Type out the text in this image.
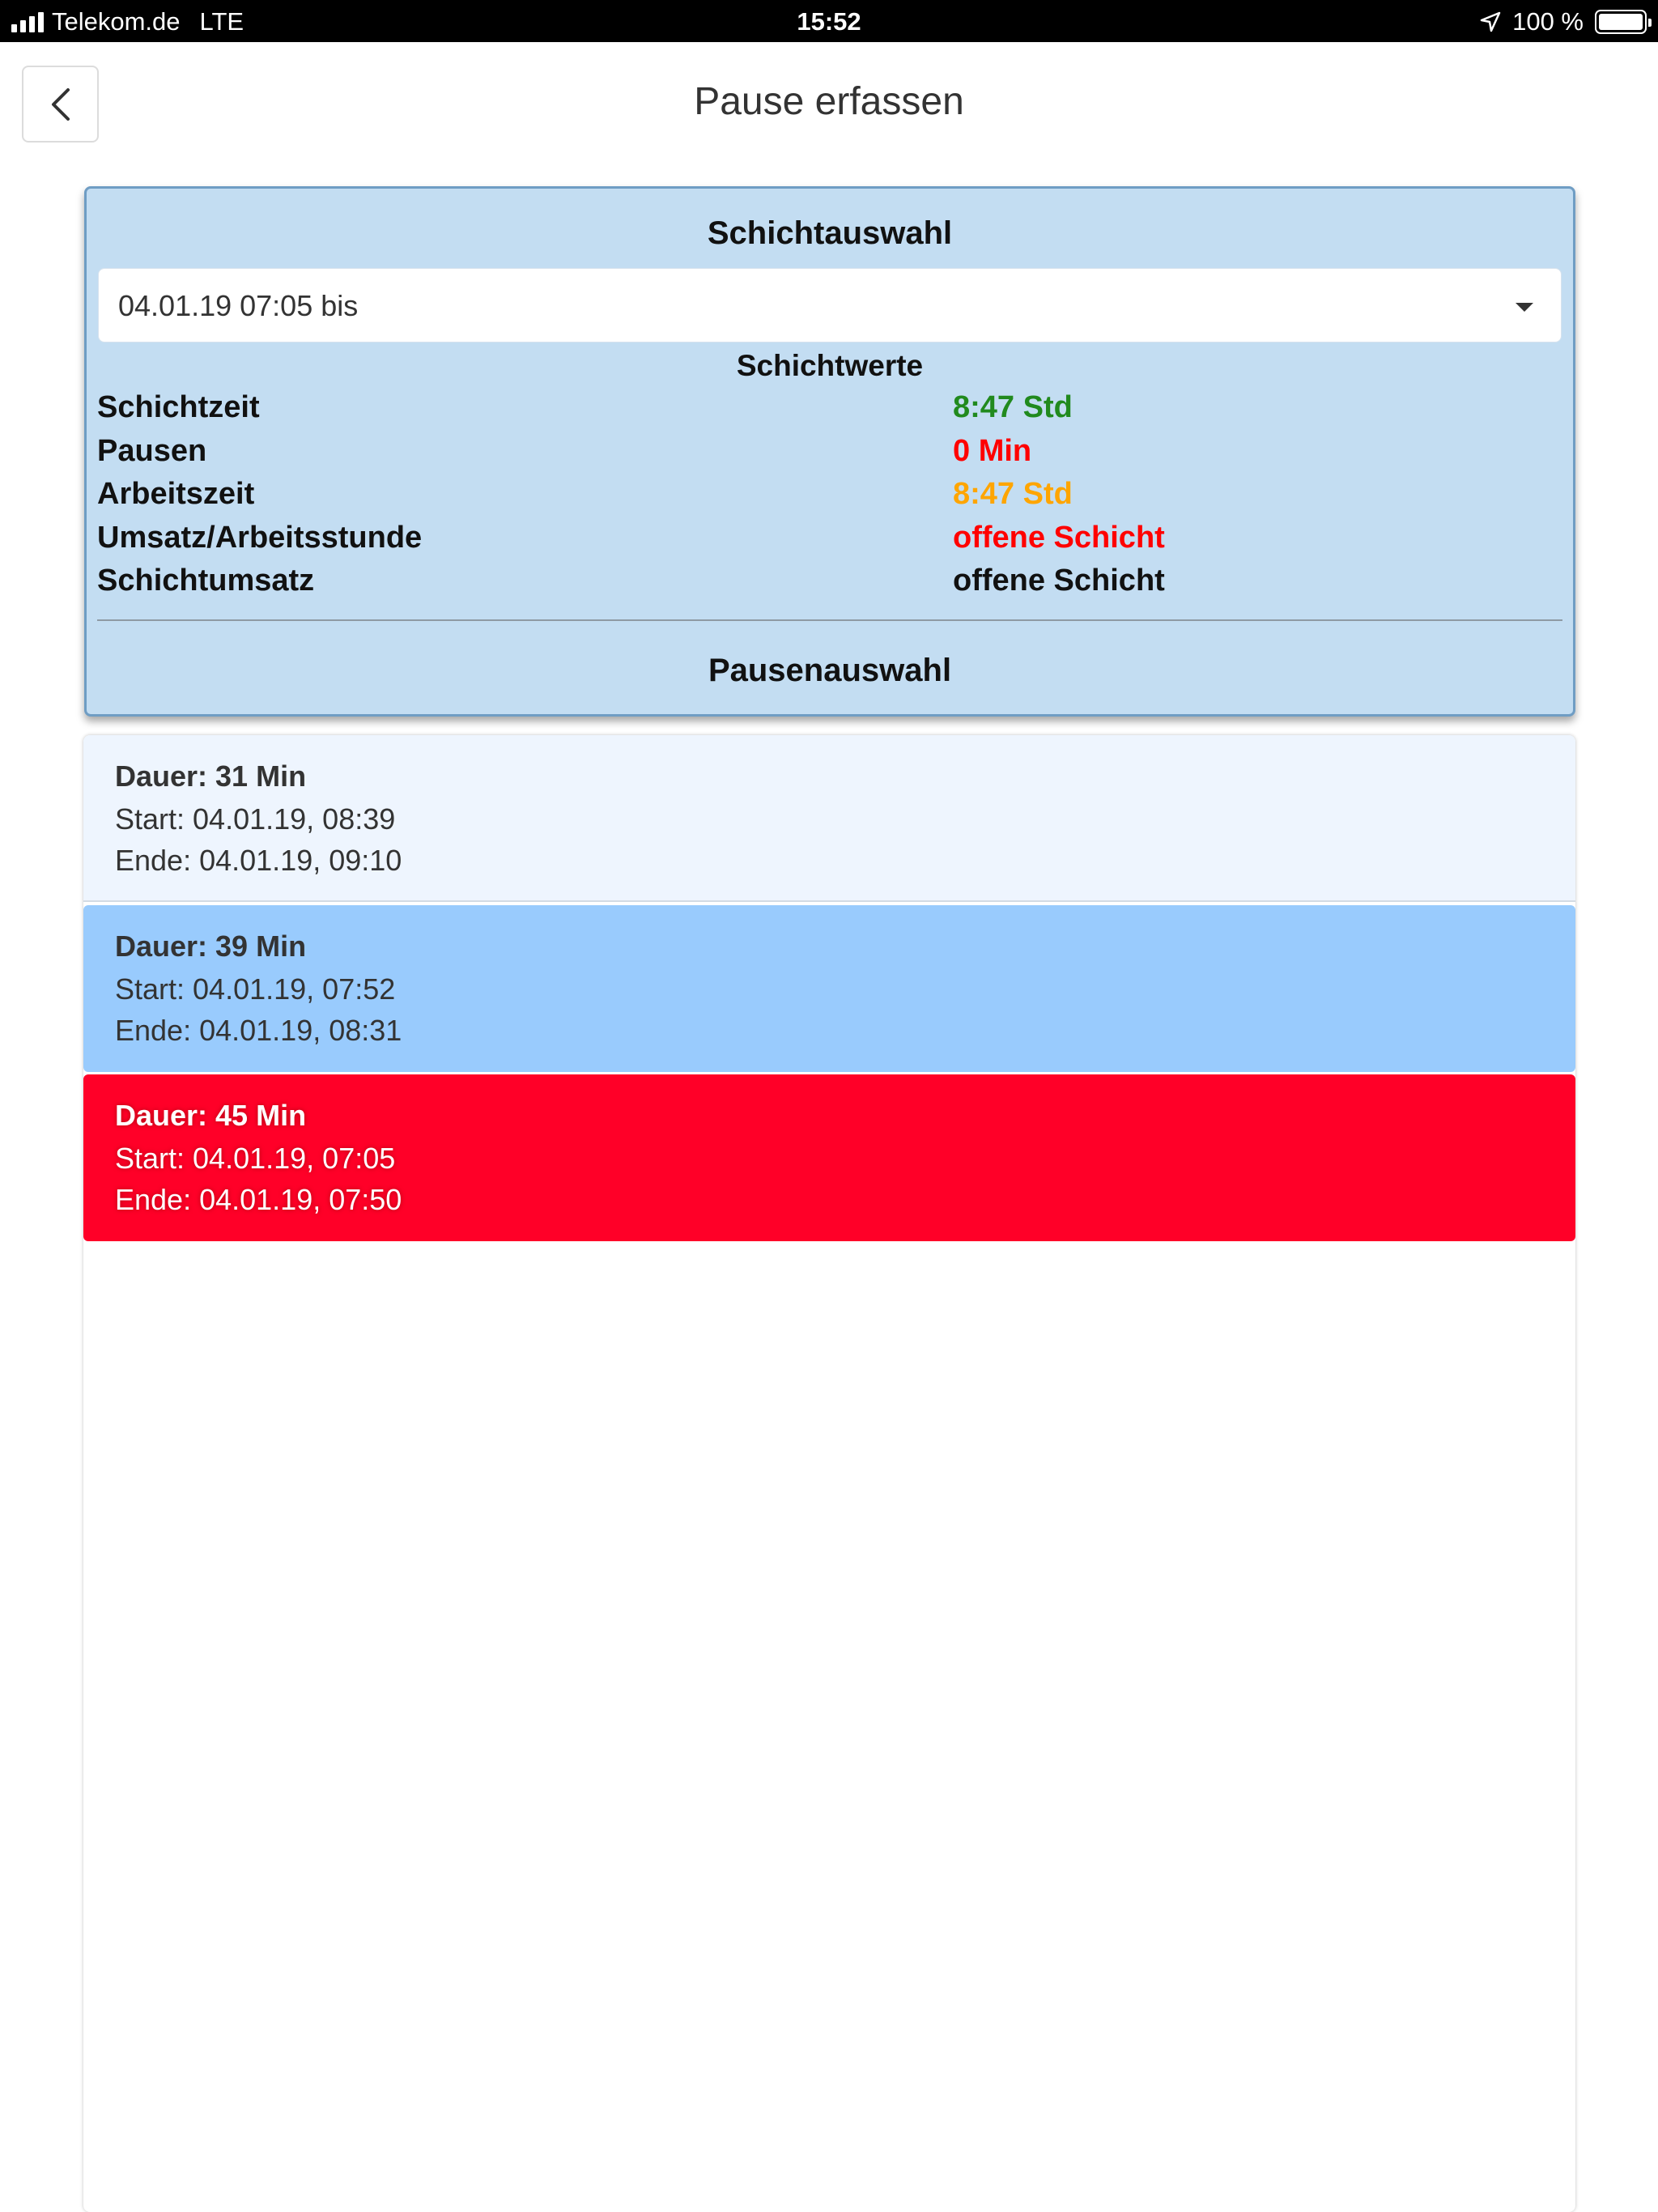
Telekom.de LTE	15:52	100 %
Pause erfassen
Schichtauswahl
04.01.19 07:05 bis
Schichtwerte
Schichtzeit	8:47 Std
Pausen	0 Min
Arbeitszeit	8:47 Std
Umsatz/Arbeitsstunde	offene Schicht
Schichtumsatz	offene Schicht
Pausenauswahl
Dauer: 31 Min
Start: 04.01.19, 08:39
Ende: 04.01.19, 09:10
Dauer: 39 Min
Start: 04.01.19, 07:52
Ende: 04.01.19, 08:31
Dauer: 45 Min
Start: 04.01.19, 07:05
Ende: 04.01.19, 07:50
